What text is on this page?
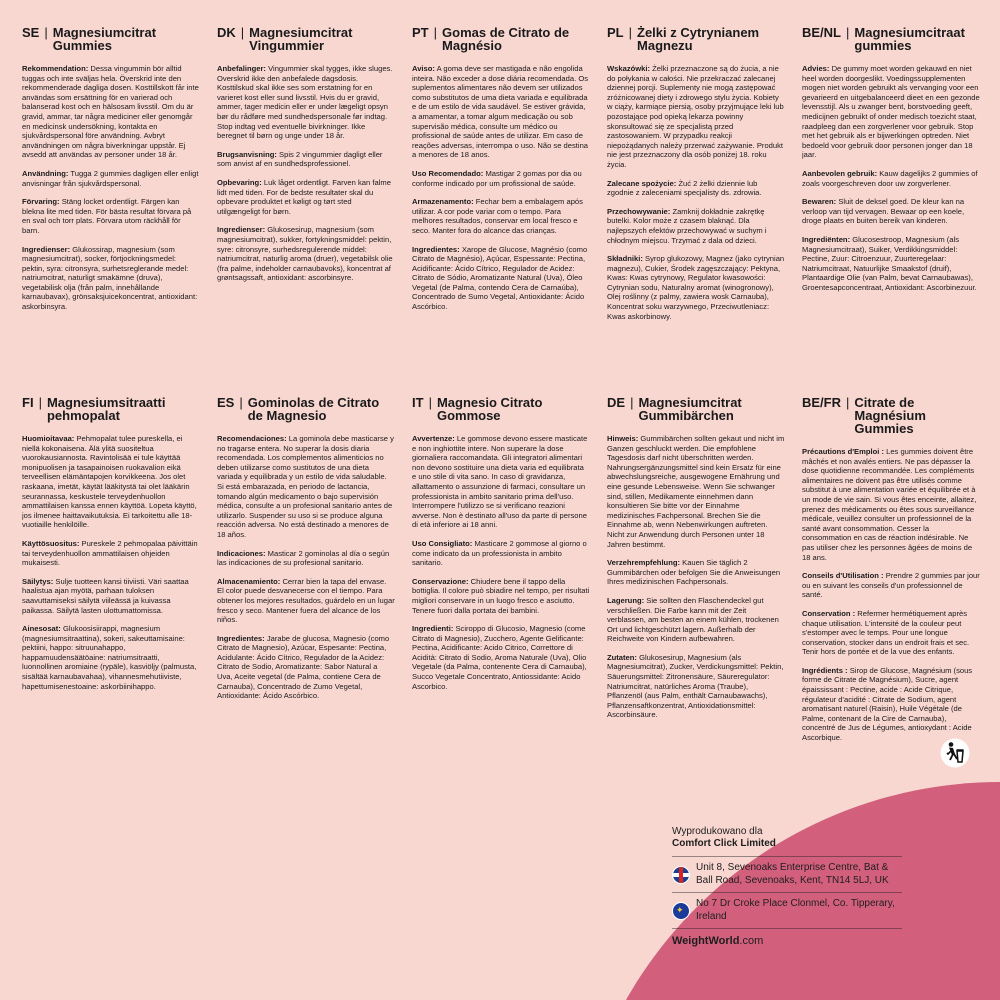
SE | Magnesiumcitrat Gummies

Rekommendation: Dessa vingummin bör alltid tuggas och inte sväljas hela. Överskrid inte den rekommenderade dagliga dosen. Kosttillskott får inte användas som ersättning för en varierad och balanserad kost och en hälsosam livsstil. Om du är gravid, ammar, tar några mediciner eller genomgår en medicinsk undersökning, kontakta en sjukvårdspersonal före användning. Avbryt användningen om några biverkningar uppstår. Ej avsedd att användas av personer under 18 år.

Användning: Tugga 2 gummies dagligen eller enligt anvisningar från sjukvårdspersonal.

Förvaring: Stäng locket ordentligt. Färgen kan blekna lite med tiden. För bästa resultat förvara på en sval och torr plats. Förvara utom räckhåll för barn.

Ingredienser: Glukossirap, magnesium (som magnesiumcitrat), socker, förtjockningsmedel: pektin, syra: citronsyra, surhetsreglerande medel: natriumcitrat, naturligt smakämne (druva), vegetabilisk olja (från palm, innehållande karnaubavax), grönsaksjuicekoncentrat, antioxidant: askorbinsyra.

DK | Magnesiumcitrat Vingummier

Anbefalinger: Vingummier skal tygges, ikke sluges. Overskrid ikke den anbefalede dagsdosis. Kosttilskud skal ikke ses som erstatning for en varieret kost eller sund livsstil. Hvis du er gravid, ammer, tager medicin eller er under lægeligt opsyn bør du rådføre med sundhedspersonale før indtag. Stop indtag ved eventuelle bivirkninger. Ikke beregnet til børn og unge under 18 år.

Brugsanvisning: Spis 2 vingummier dagligt eller som anvist af en sundhedsprofessionel.

Opbevaring: Luk låget ordentligt. Farven kan falme lidt med tiden. For de bedste resultater skal du opbevare produktet et køligt og tørt sted utilgængeligt for børn.

Ingredienser: Glukosesirup, magnesium (som magnesiumcitrat), sukker, fortykningsmiddel: pektin, syre: citronsyre, surhedsregulerende middel: natriumcitrat, naturlig aroma (druer), vegetabilsk olie (fra palme, indeholder carnaubavoks), koncentrat af grøntsagssaft, antioxidant: ascorbinsyre.

PT | Gomas de Citrato de Magnésio

Aviso: A goma deve ser mastigada e não engolida inteira. Não exceder a dose diária recomendada. Os suplementos alimentares não devem ser utilizados como substitutos de uma dieta variada e equilibrada e de um estilo de vida saudável. Se estiver grávida, a amamentar, a tomar algum medicação ou sob supervisão médica, consulte um médico ou profissional de saúde antes de utilizar. Em caso de reações adversas, interrompa o uso. Não se destina a menores de 18 anos.

Uso Recomendado: Mastigar 2 gomas por dia ou conforme indicado por um profissional de saúde.

Armazenamento: Fechar bem a embalagem após utilizar. A cor pode variar com o tempo. Para melhores resultados, conservar em local fresco e seco. Manter fora do alcance das crianças.

Ingredientes: Xarope de Glucose, Magnésio (como Citrato de Magnésio), Açúcar, Espessante: Pectina, Acidificante: Ácido Cítrico, Regulador de Acidez: Citrato de Sódio, Aromatizante Natural (Uva), Óleo Vegetal (de Palma, contendo Cera de Carnaúba), Concentrado de Sumo Vegetal, Antioxidante: Ácido Ascórbico.

PL | Żelki z Cytrynianem Magnezu

Wskazówki: Żelki przeznaczone są do żucia, a nie do połykania w całości. Nie przekraczać zalecanej dziennej porcji. Suplementy nie mogą zastępować zróżnicowanej diety i zdrowego stylu życia. Kobiety w ciąży, karmiące piersią, osoby przyjmujące leki lub pozostające pod opieką lekarza powinny skonsultować się ze specjalistą przed zastosowaniem. W przypadku reakcji niepożądanych należy przerwać zażywanie. Produkt nie jest przeznaczony dla osób poniżej 18. roku życia.

Zalecane spożycie: Żuć 2 żelki dziennie lub zgodnie z zaleceniami specjalisty ds. zdrowia.

Przechowywanie: Zamknij dokładnie zakrętkę butelki. Kolor może z czasem blaknąć. Dla najlepszych efektów przechowywać w suchym i chłodnym miejscu. Trzymać z dala od dzieci.

Składniki: Syrop glukozowy, Magnez (jako cytrynian magnezu), Cukier, Środek zagęszczający: Pektyna, Kwas: Kwas cytrynowy, Regulator kwasowości: Cytrynian sodu, Naturalny aromat (winogronowy), Olej roślinny (z palmy, zawiera wosk Carnauba), Koncentrat soku warzywnego, Przeciwutleniacz: Kwas askorbinowy.

BE/NL | Magnesiumcitraat gummies

Advies: De gummy moet worden gekauwd en niet heel worden doorgeslikt. Voedingssupplementen mogen niet worden gebruikt als vervanging voor een gevarieerd en uitgebalanceerd dieet en een gezonde levensstijl. Als u zwanger bent, borstvoeding geeft, medicijnen gebruikt of onder medisch toezicht staat, raadpleeg dan een zorgverlener voor gebruik. Stop met het gebruik als er bijwerkingen optreden. Niet bedoeld voor gebruik door personen jonger dan 18 jaar.

Aanbevolen gebruik: Kauw dagelijks 2 gummies of zoals voorgeschreven door uw zorgverlener.

Bewaren: Sluit de deksel goed. De kleur kan na verloop van tijd vervagen. Bewaar op een koele, droge plaats en buiten bereik van kinderen.

Ingrediënten: Glucosestroop, Magnesium (als Magnesiumcitraat), Suiker, Verdikkingsmiddel: Pectine, Zuur: Citroenzuur, Zuurteregelaar: Natriumcitraat, Natuurlijke Smaakstof (druif), Plantaardige Olie (van Palm, bevat Carnaubawas), Groentesapconcentraat, Antioxidant: Ascorbinezuur.

FI | Magnesiumsitraatti pehmopalat

Huomioitavaa: Pehmopalat tulee pureskella, ei niellä kokonaisena. Älä ylitä suositeltua vuorokausiannosta. Ravintolisää ei tule käyttää monipuolisen ja tasapainoisen ruokavalion eikä terveellisen elämäntapojen korvikkeena. Jos olet raskaana, imetät, käytät lääkitystä tai olet lääkärin seurannassa, keskustele terveydenhuollon ammattilaisen kanssa ennen käyttöä. Lopeta käyttö, jos ilmenee haittavaikutuksia. Ei tarkoitettu alle 18-vuotiaille henkilöille.

Käyttösuositus: Pureskele 2 pehmopalaa päivittäin tai terveydenhuollon ammattilaisen ohjeiden mukaisesti.

Säilytys: Sulje tuotteen kansi tiiviisti. Väri saattaa haalistua ajan myötä, parhaan tuloksen saavuttamiseksi säilytä viileässä ja kuivassa paikassa. Säilytä lasten ulottumattomissa.

Ainesosat: Glukoosisiirappi, magnesium (magnesiumsitraattina), sokeri, sakeuttamisaine: pektiini, happo: sitruunahappo, happamuudensäätöaine: natriumsitraatti, luonnollinen aromiaine (rypäle), kasviöljy (palmusta, sisältää karnaubavahaa), vihannesmehutiiviste, hapettumisenestoaine: askorbiinihappo.

ES | Gominolas de Citrato de Magnesio

Recomendaciones: La gominola debe masticarse y no tragarse entera. No superar la dosis diaria recomendada. Los complementos alimenticios no deben utilizarse como sustitutos de una dieta variada y equilibrada y un estilo de vida saludable. Si está embarazada, en periodo de lactancia, tomando algún medicamento o bajo supervisión médica, consulte a un profesional sanitario antes de utilizarlo. Suspender su uso si se produce alguna reacción adversa. No está destinado a menores de 18 años.

Indicaciones: Masticar 2 gominolas al día o según las indicaciones de su profesional sanitario.

Almacenamiento: Cerrar bien la tapa del envase. El color puede desvanecerse con el tiempo. Para obtener los mejores resultados, guárdelo en un lugar fresco y seco. Mantener fuera del alcance de los niños.

Ingredientes: Jarabe de glucosa, Magnesio (como Citrato de Magnesio), Azúcar, Espesante: Pectina, Acidulante: Ácido Cítrico, Regulador de la Acidez: Citrato de Sodio, Aromatizante: Sabor Natural a Uva, Aceite vegetal (de Palma, contiene Cera de Carnauba), Concentrado de Zumo Vegetal, Antioxidante: Ácido Ascórbico.

IT | Magnesio Citrato Gommose

Avvertenze: Le gommose devono essere masticate e non inghiottite intere. Non superare la dose giornaliera raccomandata. Gli integratori alimentari non devono sostituire una dieta varia ed equilibrata e uno stile di vita sano. In caso di gravidanza, allattamento o assunzione di farmaci, consultare un professionista in ambito sanitario prima dell'uso. Interrompere l'utilizzo se si verificano reazioni avverse. Non è destinato all'uso da parte di persone di età inferiore ai 18 anni.

Uso Consigliato: Masticare 2 gommose al giorno o come indicato da un professionista in ambito sanitario.

Conservazione: Chiudere bene il tappo della bottiglia. Il colore può sbiadire nel tempo, per risultati migliori conservare in un luogo fresco e asciutto. Tenere fuori dalla portata dei bambini.

Ingredienti: Sciroppo di Glucosio, Magnesio (come Citrato di Magnesio), Zucchero, Agente Gelificante: Pectina, Acidificante: Acido Citrico, Correttore di Acidità: Citrato di Sodio, Aroma Naturale (Uva), Olio Vegetale (da Palma, contenente Cera di Carnauba), Succo Vegetale Concentrato, Antiossidante: Acido Ascorbico.

DE | Magnesiumcitrat Gummibärchen

Hinweis: Gummibärchen sollten gekaut und nicht im Ganzen geschluckt werden. Die empfohlene Tagesdosis darf nicht überschritten werden. Nahrungsergänzungsmittel sind kein Ersatz für eine abwechslungsreiche, ausgewogene Ernährung und eine gesunde Lebensweise. Wenn Sie schwanger sind, stillen, Medikamente einnehmen dann konsultieren Sie bitte vor der Einnahme medizinisches Fachpersonal. Brechen Sie die Einnahme ab, wenn Nebenwirkungen auftreten. Nicht zur Anwendung durch Personen unter 18 Jahren bestimmt.

Verzehrempfehlung: Kauen Sie täglich 2 Gummibärchen oder befolgen Sie die Anweisungen Ihres medizinischen Fachpersonals.

Lagerung: Sie sollten den Flaschendeckel gut verschließen. Die Farbe kann mit der Zeit verblassen, am besten an einem kühlen, trockenen Ort und lichtgeschützt lagern. Außerhalb der Reichweite von Kindern aufbewahren.

Zutaten: Glukosesirup, Magnesium (als Magnesiumcitrat), Zucker, Verdickungsmittel: Pektin, Säuerungsmittel: Zitronensäure, Säureregulator: Natriumcitrat, natürliches Aroma (Traube), Pflanzenöl (aus Palm, enthält Carnaubawachs), Pflanzensaftkonzentrat, Antioxidationsmittel: Ascorbinsäure.

BE/FR | Citrate de Magnésium Gummies

Précautions d'Emploi : Les gummies doivent être mâchés et non avalés entiers. Ne pas dépasser la dose quotidienne recommandée. Les compléments alimentaires ne doivent pas être utilisés comme substitut à une alimentation variée et équilibrée et à un mode de vie sain. Si vous êtes enceinte, allaitez, prenez des médicaments ou êtes sous surveillance médicale, veuillez consulter un professionnel de la santé avant consommation. Cesser la consommation en cas de réaction indésirable. Ne pas utiliser chez les personnes âgées de moins de 18 ans.

Conseils d'Utilisation : Prendre 2 gummies par jour ou en suivant les conseils d'un professionnel de santé.

Conservation : Refermer hermétiquement après chaque utilisation. L'intensité de la couleur peut s'estomper avec le temps. Pour une longue conservation, stocker dans un endroit frais et sec. Tenir hors de portée et de la vue des enfants.

Ingrédients : Sirop de Glucose, Magnésium (sous forme de Citrate de Magnésium), Sucre, agent épaississant : Pectine, acide : Acide Citrique, régulateur d'acidité : Citrate de Sodium, agent aromatisant naturel (Raisin), Huile Végétale (de Palme, contenant de la Cire de Carnauba), concentré de Jus de Légumes, antioxydant : Acide Ascorbique.

Wyprodukowano dla
Comfort Click Limited
Unit 8, Sevenoaks Enterprise Centre, Bat & Ball Road, Sevenoaks, Kent, TN14 5LJ, UK
✦
No 7 Dr Croke Place Clonmel, Co. Tipperary, Ireland
WeightWorld.com
